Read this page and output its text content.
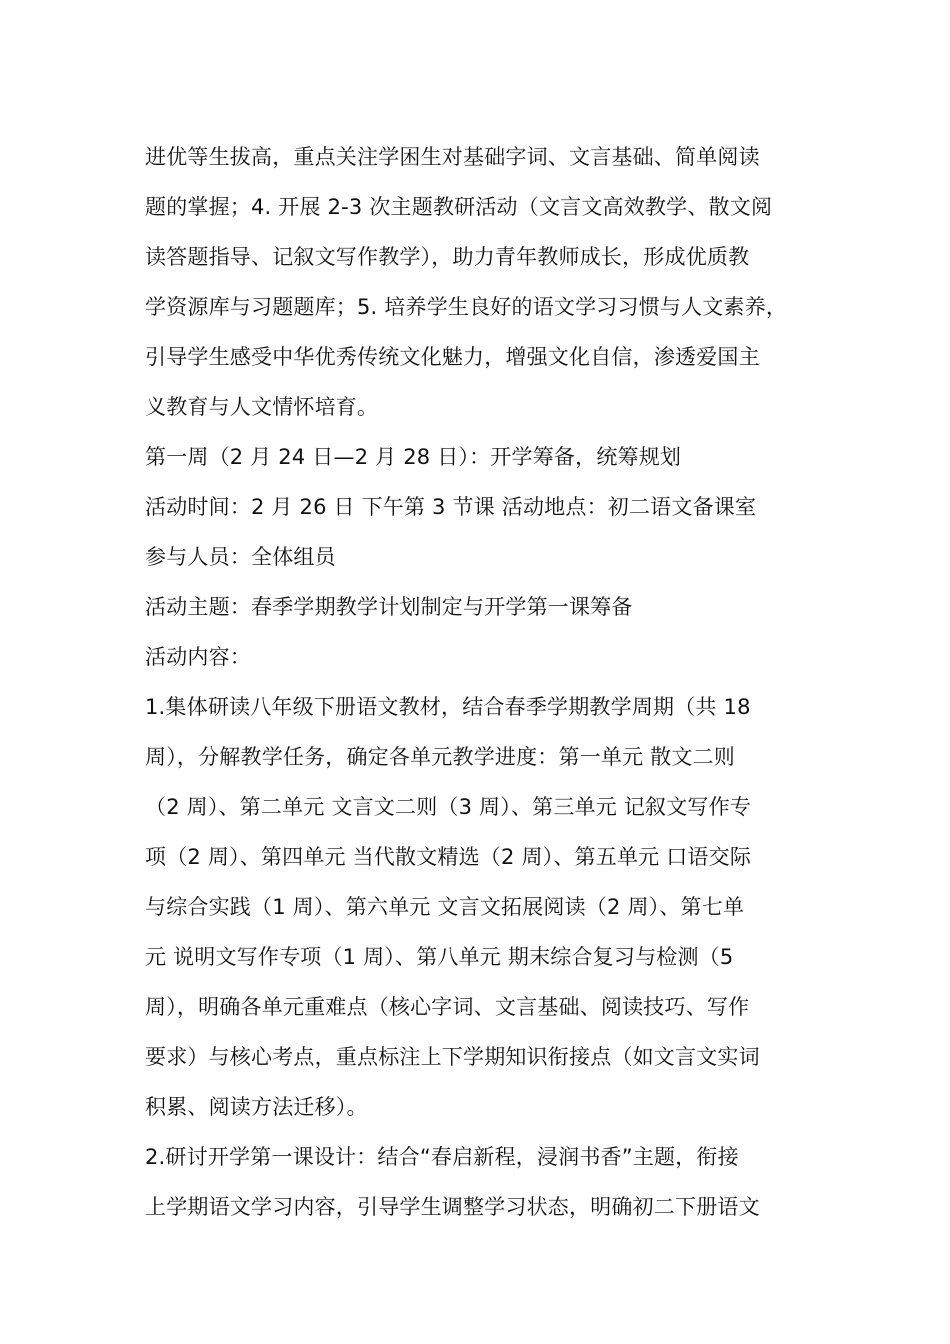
进优等生拔高，重点关注学困生对基础字词、文言基础、简单阅读
题的掌握；4. 开展 2-3 次主题教研活动（文言文高效教学、散文阅
读答题指导、记叙文写作教学），助力青年教师成长，形成优质教
学资源库与习题题库；5. 培养学生良好的语文学习习惯与人文素养，
引导学生感受中华优秀传统文化魅力，增强文化自信，渗透爱国主
义教育与人文情怀培育。
第一周（2 月 24 日—2 月 28 日）：开学筹备，统筹规划
活动时间：2 月 26 日 下午第 3 节课 活动地点：初二语文备课室
参与人员：全体组员
活动主题：春季学期教学计划制定与开学第一课筹备
活动内容：
1.集体研读八年级下册语文教材，结合春季学期教学周期（共 18
周），分解教学任务，确定各单元教学进度：第一单元 散文二则
（2 周）、第二单元 文言文二则（3 周）、第三单元 记叙文写作专
项（2 周）、第四单元 当代散文精选（2 周）、第五单元 口语交际
与综合实践（1 周）、第六单元 文言文拓展阅读（2 周）、第七单
元 说明文写作专项（1 周）、第八单元 期末综合复习与检测（5
周），明确各单元重难点（核心字词、文言基础、阅读技巧、写作
要求）与核心考点，重点标注上下学期知识衔接点（如文言文实词
积累、阅读方法迁移）。
2.研讨开学第一课设计：结合“春启新程，浸润书香”主题，衔接
上学期语文学习内容，引导学生调整学习状态，明确初二下册语文
